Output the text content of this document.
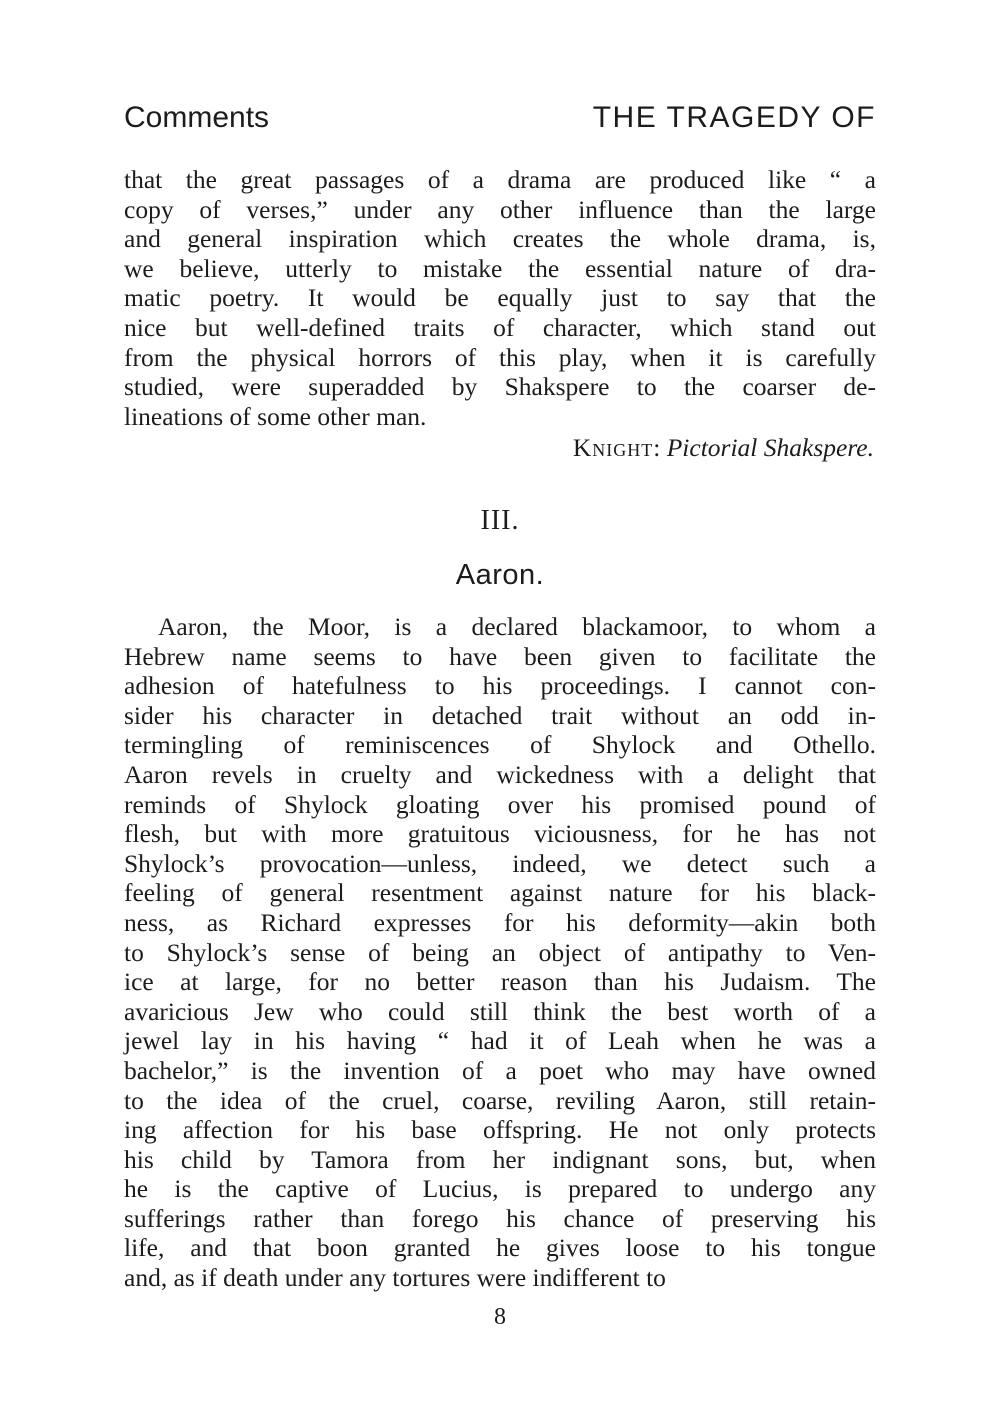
Comments	THE TRAGEDY OF
that the great passages of a drama are produced like “ a
copy of verses,” under any other influence than the large
and general inspiration which creates the whole drama, is,
we believe, utterly to mistake the essential nature of dra-
matic poetry. It would be equally just to say that the
nice but well-defined traits of character, which stand out
from the physical horrors of this play, when it is carefully
studied, were superadded by Shakspere to the coarser de-
lineations of some other man.
Knight: Pictorial Shakspere.
III.
Aaron.
Aaron, the Moor, is a declared blackamoor, to whom a
Hebrew name seems to have been given to facilitate the
adhesion of hatefulness to his proceedings. I cannot con-
sider his character in detached trait without an odd in-
termingling of reminiscences of Shylock and Othello.
Aaron revels in cruelty and wickedness with a delight that
reminds of Shylock gloating over his promised pound of
flesh, but with more gratuitous viciousness, for he has not
Shylock’s provocation—unless, indeed, we detect such a
feeling of general resentment against nature for his black-
ness, as Richard expresses for his deformity—akin both
to Shylock’s sense of being an object of antipathy to Ven-
ice at large, for no better reason than his Judaism. The
avaricious Jew who could still think the best worth of a
jewel lay in his having “ had it of Leah when he was a
bachelor,” is the invention of a poet who may have owned
to the idea of the cruel, coarse, reviling Aaron, still retain-
ing affection for his base offspring. He not only protects
his child by Tamora from her indignant sons, but, when
he is the captive of Lucius, is prepared to undergo any
sufferings rather than forego his chance of preserving his
life, and that boon granted he gives loose to his tongue
and, as if death under any tortures were indifferent to
8
